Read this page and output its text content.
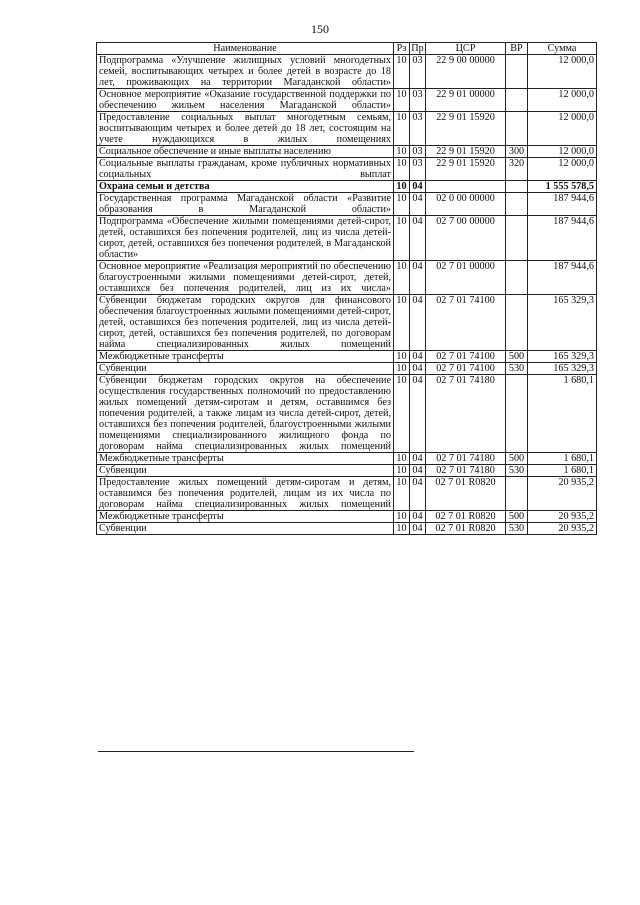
150
Наименование	Рз	Пр	ЦСР	ВР	Сумма
Подпрограмма «Улучшение жилищных условий многодетных семей, воспитывающих четырех и более детей в возрасте до 18 лет, проживающих на территории Магаданской области»	10	03	22 9 00 00000		12 000,0
Основное мероприятие «Оказание государственной поддержки по обеспечению жильем населения Магаданской области»	10	03	22 9 01 00000		12 000,0
Предоставление социальных выплат многодетным семьям, воспитывающим четырех и более детей до 18 лет, состоящим на учете нуждающихся в жилых помещениях	10	03	22 9 01 15920		12 000,0
Социальное обеспечение и иные выплаты населению	10	03	22 9 01 15920	300	12 000,0
Социальные выплаты гражданам, кроме публичных нормативных социальных выплат	10	03	22 9 01 15920	320	12 000,0
Охрана семьи и детства	10	04			1 555 578,5
Государственная программа Магаданской области «Развитие образования в Магаданской области»	10	04	02 0 00 00000		187 944,6
Подпрограмма «Обеспечение жилыми помещениями детей-сирот, детей, оставшихся без попечения родителей, лиц из числа детей-сирот, детей, оставшихся без попечения родителей, в Магаданской области»	10	04	02 7 00 00000		187 944,6
Основное мероприятие «Реализация мероприятий по обеспечению благоустроенными жилыми помещениями детей-сирот, детей, оставшихся без попечения родителей, лиц из их числа»	10	04	02 7 01 00000		187 944,6
Субвенции бюджетам городских округов для финансового обеспечения благоустроенных жилыми помещениями детей-сирот, детей, оставшихся без попечения родителей, лиц из числа детей-сирот, детей, оставшихся без попечения родителей, по договорам найма специализированных жилых помещений	10	04	02 7 01 74100		165 329,3
Межбюджетные трансферты	10	04	02 7 01 74100	500	165 329,3
Субвенции	10	04	02 7 01 74100	530	165 329,3
Субвенции бюджетам городских округов на обеспечение осуществления государственных полномочий по предоставлению жилых помещений детям-сиротам и детям, оставшимся без попечения родителей, а также лицам из числа детей-сирот, детей, оставшихся без попечения родителей, благоустроенными жилыми помещениями специализированного жилищного фонда по договорам найма специализированных жилых помещений	10	04	02 7 01 74180		1 680,1
Межбюджетные трансферты	10	04	02 7 01 74180	500	1 680,1
Субвенции	10	04	02 7 01 74180	530	1 680,1
Предоставление жилых помещений детям-сиротам и детям, оставшимся без попечения родителей, лицам из их числа по договорам найма специализированных жилых помещений	10	04	02 7 01 R0820		20 935,2
Межбюджетные трансферты	10	04	02 7 01 R0820	500	20 935,2
Субвенции	10	04	02 7 01 R0820	530	20 935,2
